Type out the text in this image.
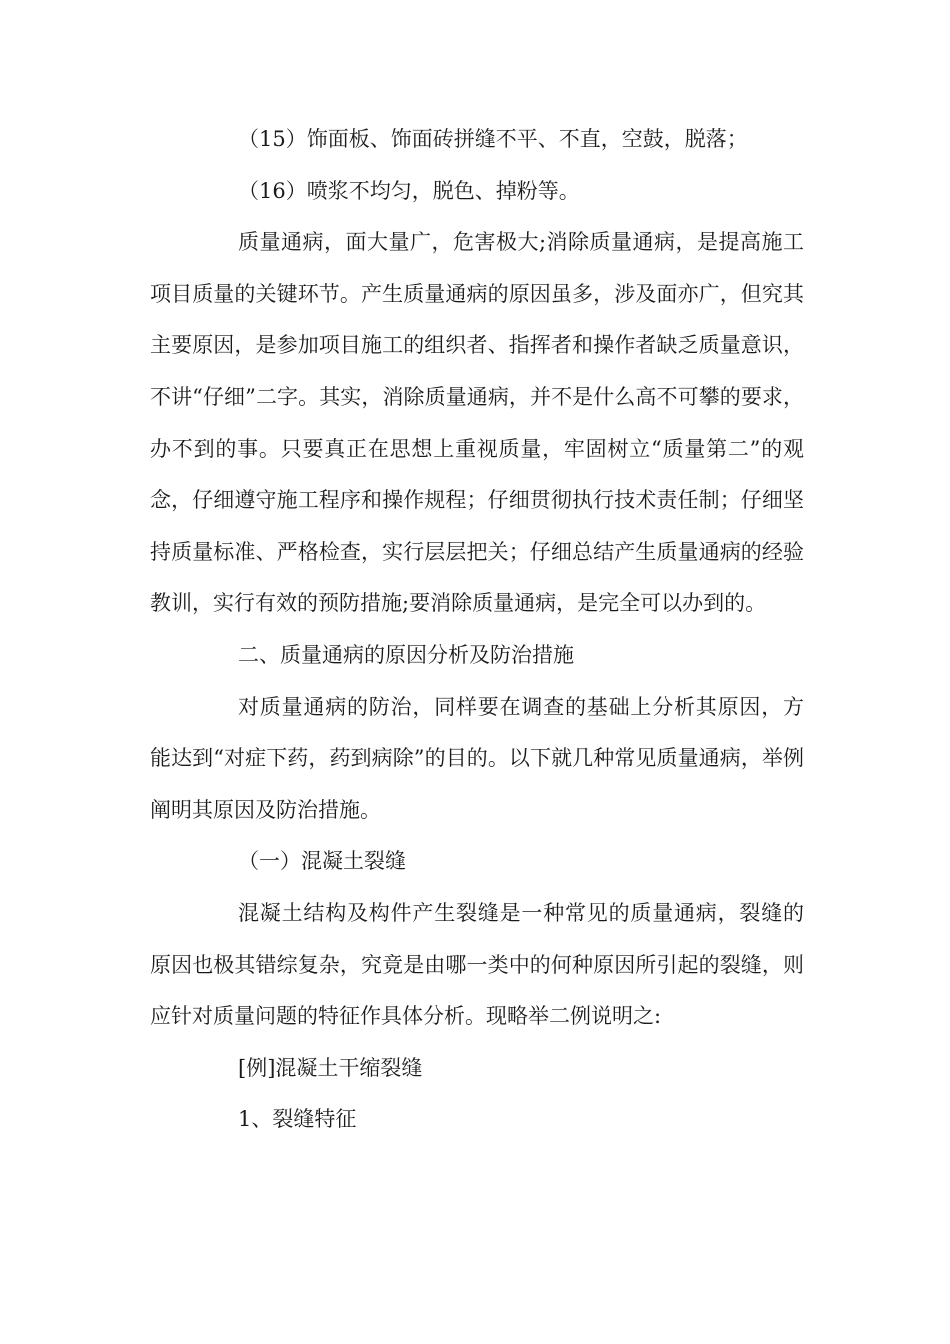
（15）饰面板、饰面砖拼缝不平、不直，空鼓，脱落；

（16）喷浆不均匀，脱色、掉粉等。

质量通病，面大量广，危害极大;消除质量通病，是提高施工项目质量的关键环节。产生质量通病的原因虽多，涉及面亦广，但究其主要原因，是参加项目施工的组织者、指挥者和操作者缺乏质量意识，不讲“仔细”二字。其实，消除质量通病，并不是什么高不可攀的要求，办不到的事。只要真正在思想上重视质量，牢固树立“质量第二”的观念，仔细遵守施工程序和操作规程；仔细贯彻执行技术责任制；仔细坚持质量标准、严格检查，实行层层把关；仔细总结产生质量通病的经验教训，实行有效的预防措施;要消除质量通病，是完全可以办到的。

二、质量通病的原因分析及防治措施

对质量通病的防治，同样要在调查的基础上分析其原因，方能达到“对症下药，药到病除”的目的。以下就几种常见质量通病，举例阐明其原因及防治措施。

（一）混凝土裂缝

混凝土结构及构件产生裂缝是一种常见的质量通病，裂缝的原因也极其错综复杂，究竟是由哪一类中的何种原因所引起的裂缝，则应针对质量问题的特征作具体分析。现略举二例说明之:

[例]混凝土干缩裂缝

1、裂缝特征
